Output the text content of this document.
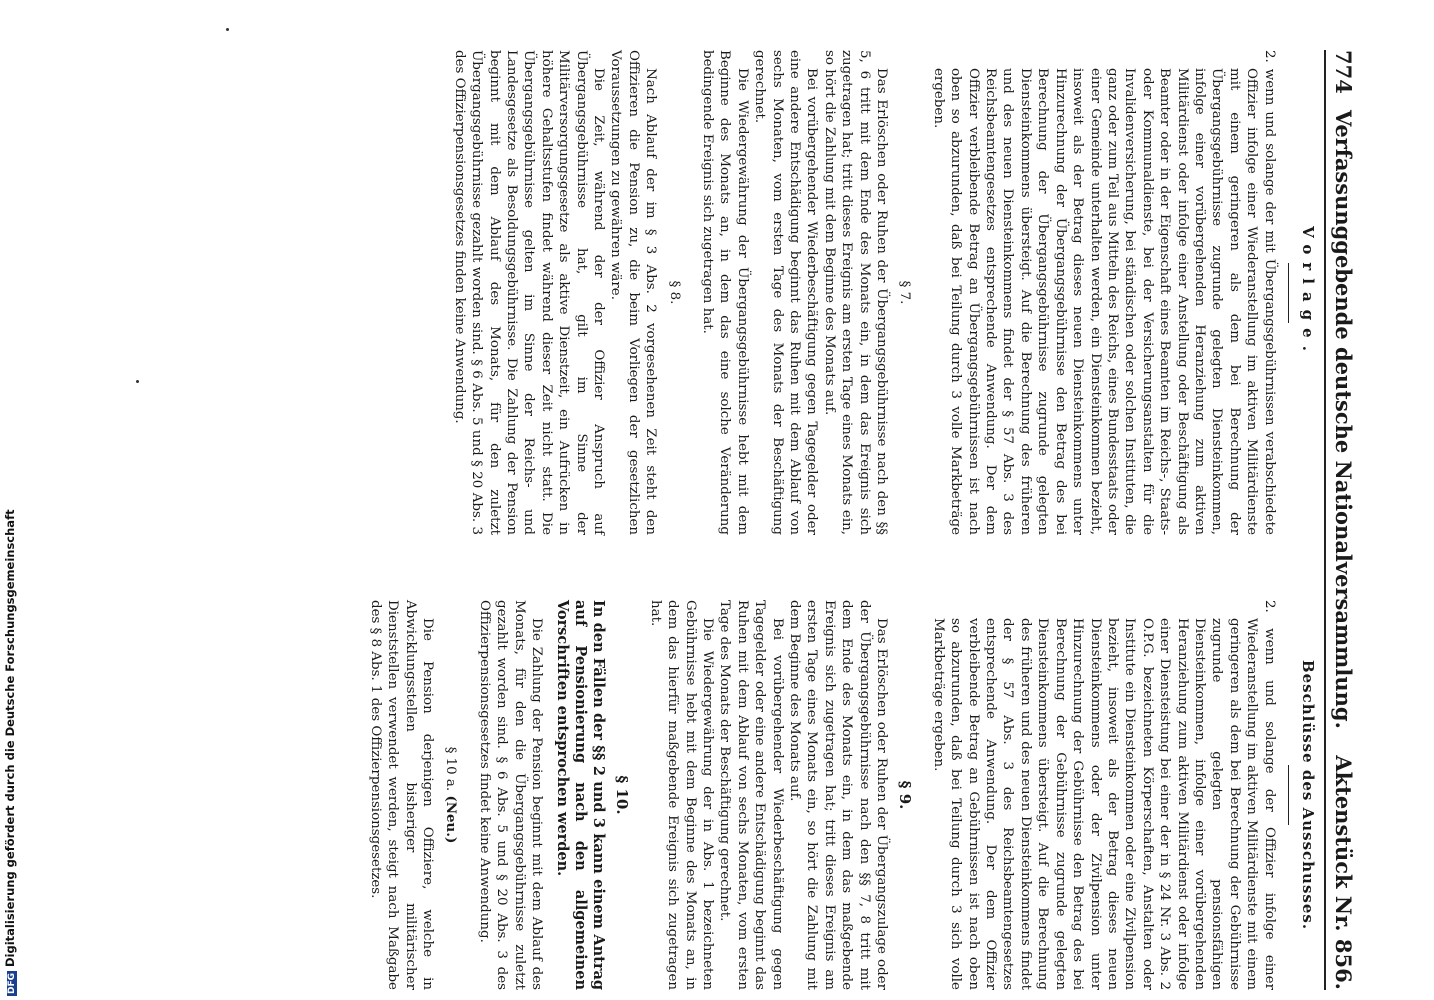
DFGDigitalisierung gefördert durch die Deutsche Forschungsgemeinschaft
774
Verfassunggebende deutsche Nationalversammlung.
Aktenstück Nr. 856.
Vorlage.

2. wenn und solange der mit Übergangsgebührnissen verabschiedete Offizier infolge einer Wiederanstellung im aktiven Militärdienste mit einem geringeren als dem bei Berechnung der Übergangsgebührnisse zugrunde gelegten Diensteinkommen, infolge einer vorübergehenden Heranziehung zum aktiven Militärdienst oder infolge einer Anstellung oder Beschäftigung als Beamter oder in der Eigenschaft eines Beamten im Reichs-, Staats- oder Kommunaldienste, bei der Versicherungsanstalten für die Invalidenversicherung, bei ständischen oder solchen Instituten, die ganz oder zum Teil aus Mitteln des Reichs, eines Bundesstaats oder einer Gemeinde unterhalten werden, ein Diensteinkommen bezieht, insoweit als der Betrag dieses neuen Diensteinkommens unter Hinzurechnung der Übergangsgebührnisse den Betrag des bei Berechnung der Übergangsgebührnisse zugrunde gelegten Diensteinkommens übersteigt. Auf die Berechnung des früheren und des neuen Diensteinkommens findet der § 57 Abs. 3 des Reichsbeamtengesetzes entsprechende Anwendung. Der dem Offizier verbleibende Betrag an Übergangsgebührnissen ist nach oben so abzurunden, daß bei Teilung durch 3 volle Markbeträge ergeben.

§ 7.

Das Erlöschen oder Ruhen der Übergangsgebührnisse nach den §§ 5, 6 tritt mit dem Ende des Monats ein, in dem das Ereignis sich zugetragen hat; tritt dieses Ereignis am ersten Tage eines Monats ein, so hört die Zahlung mit dem Beginne des Monats auf.

Bei vorübergehender Wiederbeschäftigung gegen Tagegelder oder eine andere Entschädigung beginnt das Ruhen mit dem Ablauf von sechs Monaten, vom ersten Tage des Monats der Beschäftigung gerechnet.

Die Wiedergewährung der Übergangsgebührnisse hebt mit dem Beginne des Monats an, in dem das eine solche Veränderung bedingende Ereignis sich zugetragen hat.

§ 8.

Nach Ablauf der im § 3 Abs. 2 vorgesehenen Zeit steht den Offizieren die Pension zu, die beim Vorliegen der gesetzlichen Voraussetzungen zu gewähren wäre.

Die Zeit, während der der Offizier Anspruch auf Übergangsgebührnisse hat, gilt im Sinne der Militärversorgungsgesetze als aktive Dienstzeit, ein Aufrücken in höhere Gehaltsstufen findet während dieser Zeit nicht statt. Die Übergangsgebührnisse gelten im Sinne der Reichs- und Landesgesetze als Besoldungsgebührnisse. Die Zahlung der Pension beginnt mit dem Ablauf des Monats, für den zuletzt Übergangsgebührnisse gezahlt worden sind. § 6 Abs. 5 und § 20 Abs. 3 des Offizierpensionsgesetzes finden keine Anwendung.

Beschlüsse des Ausschusses.

2. wenn und solange der Offizier infolge einer Wiederanstellung im aktiven Militärdienste mit einem geringeren als dem bei Berechnung der Gebührnisse zugrunde gelegten pensionsfähigen Diensteinkommen, infolge einer vorübergehenden Heranziehung zum aktiven Militärdienst oder infolge einer Diensteistung bei einer der in § 24 Nr. 3 Abs. 2 O.P.G. bezeichneten Körperschaften, Anstalten oder Institute ein Diensteinkommen oder eine Zivilpension bezieht, insoweit als der Betrag dieses neuen Diensteinkommens oder der Zivilpension unter Hinzurechnung der Gebührnisse den Betrag des bei Berechnung der Gebührnisse zugrunde gelegten Diensteinkommens übersteigt. Auf die Berechnung des früheren und des neuen Diensteinkommens findet der § 57 Abs. 3 des Reichsbeamtengesetzes entsprechende Anwendung. Der dem Offizier verbleibende Betrag an Gebührnissen ist nach oben so abzurunden, daß bei Teilung durch 3 sich volle Markbeträge ergeben.

§ 9.

Das Erlöschen oder Ruhen der Übergangszulage oder der Übergangsgebührnisse nach den §§ 7, 8 tritt mit dem Ende des Monats ein, in dem das maßgebende Ereignis sich zugetragen hat; tritt dieses Ereignis am ersten Tage eines Monats ein, so hört die Zahlung mit dem Beginne des Monats auf.

Bei vorübergehender Wiederbeschäftigung gegen Tagegelder oder eine andere Entschädigung beginnt das Ruhen mit dem Ablauf von sechs Monaten, vom ersten Tage des Monats der Beschäftigung gerechnet.

Die Wiedergewährung der in Abs. 1 bezeichneten Gebührnisse hebt mit dem Beginne des Monats an, in dem das hierfür maßgebende Ereignis sich zugetragen hat.

§ 10.

In den Fällen der §§ 2 und 3 kann einem Antrag auf Pensionierung nach den allgemeinen Vorschriften entsprochen werden.

Die Zahlung der Pension beginnt mit dem Ablauf des Monats, für den die Übergangsgebührnisse zuletzt gezahlt worden sind. § 6 Abs. 5 und § 20 Abs. 3 des Offizierpensionsgesetzes findet keine Anwendung.

§ 10 a. (Neu.)

Die Pension derjenigen Offiziere, welche in Abwicklungsstellen bisheriger militärischer Dienststellen verwendet werden, steigt nach Maßgabe des § 8 Abs. 1 des Offizierpensionsgesetzes.
